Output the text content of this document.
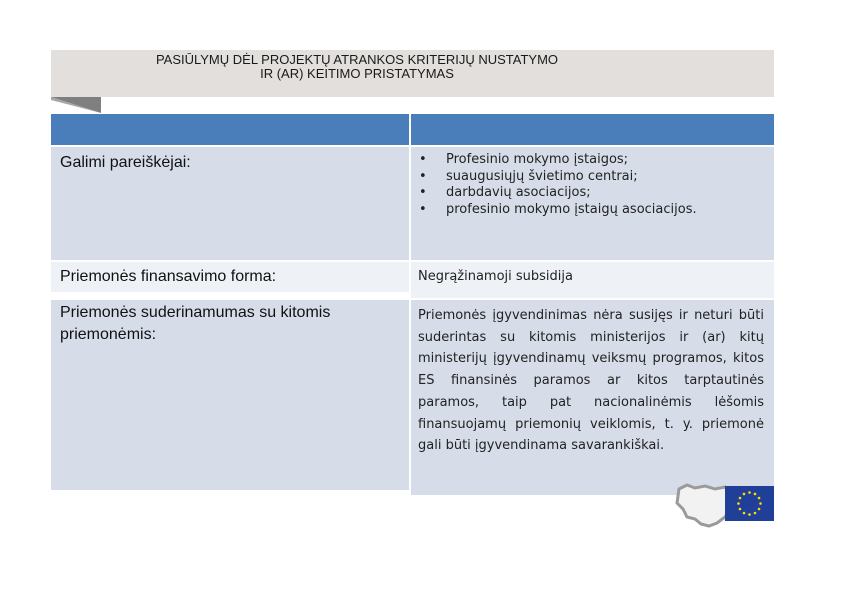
PASIŪLYMŲ DĖL PROJEKTŲ ATRANKOS KRITERIJŲ NUSTATYMO
IR (AR) KEITIMO PRISTATYMAS
Galimi pareiškėjai:
•	Profesinio mokymo įstaigos;
• suaugusiųjų švietimo centrai;
• darbdavių asociacijos;
• profesinio mokymo įstaigų asociacijos.
Priemonės finansavimo forma:	Negrąžinamoji subsidija
Priemonės suderinamumas su kitomis priemonėmis:
Priemonės įgyvendinimas nėra susijęs ir neturi būti suderintas su kitomis ministerijos ir (ar) kitų ministerijų įgyvendinamų veiksmų programos, kitos ES finansinės paramos ar kitos tarptautinės paramos, taip pat nacionalinėmis lėšomis finansuojamų priemonių veiklomis, t. y. priemonė gali būti įgyvendinama savarankiškai.
